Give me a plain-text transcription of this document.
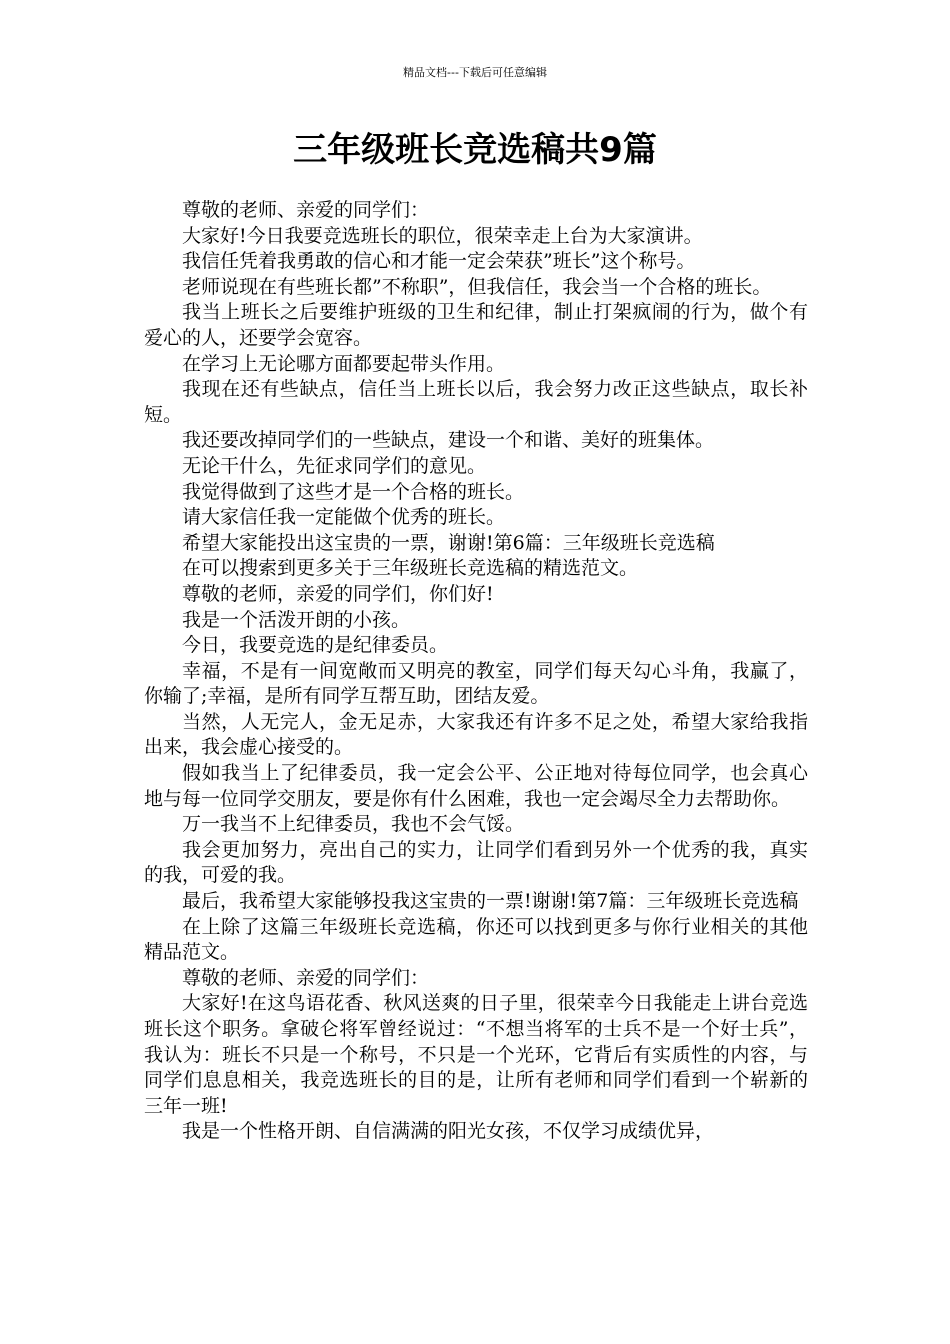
精品文档---下载后可任意编辑
三年级班长竞选稿共9篇

尊敬的老师、亲爱的同学们：

大家好!今日我要竞选班长的职位，很荣幸走上台为大家演讲。

我信任凭着我勇敢的信心和才能一定会荣获”班长”这个称号。

老师说现在有些班长都”不称职”，但我信任，我会当一个合格的班长。

我当上班长之后要维护班级的卫生和纪律，制止打架疯闹的行为，做个有爱心的人，还要学会宽容。

在学习上无论哪方面都要起带头作用。

我现在还有些缺点，信任当上班长以后，我会努力改正这些缺点，取长补短。

我还要改掉同学们的一些缺点，建设一个和谐、美好的班集体。

无论干什么，先征求同学们的意见。

我觉得做到了这些才是一个合格的班长。

请大家信任我一定能做个优秀的班长。

希望大家能投出这宝贵的一票，谢谢!第6篇：三年级班长竞选稿

在可以搜索到更多关于三年级班长竞选稿的精选范文。

尊敬的老师，亲爱的同学们，你们好!

我是一个活泼开朗的小孩。

今日，我要竞选的是纪律委员。

幸福，不是有一间宽敞而又明亮的教室，同学们每天勾心斗角，我赢了，你输了;幸福，是所有同学互帮互助，团结友爱。

当然，人无完人，金无足赤，大家我还有许多不足之处，希望大家给我指出来，我会虚心接受的。

假如我当上了纪律委员，我一定会公平、公正地对待每位同学，也会真心地与每一位同学交朋友，要是你有什么困难，我也一定会竭尽全力去帮助你。

万一我当不上纪律委员，我也不会气馁。

我会更加努力，亮出自己的实力，让同学们看到另外一个优秀的我，真实的我，可爱的我。

最后，我希望大家能够投我这宝贵的一票!谢谢!第7篇：三年级班长竞选稿

在上除了这篇三年级班长竞选稿，你还可以找到更多与你行业相关的其他精品范文。

尊敬的老师、亲爱的同学们：

大家好!在这鸟语花香、秋风送爽的日子里，很荣幸今日我能走上讲台竞选班长这个职务。拿破仑将军曾经说过：“不想当将军的士兵不是一个好士兵”，我认为：班长不只是一个称号，不只是一个光环，它背后有实质性的内容，与同学们息息相关，我竞选班长的目的是，让所有老师和同学们看到一个崭新的三年一班!

我是一个性格开朗、自信满满的阳光女孩，不仅学习成绩优异，
